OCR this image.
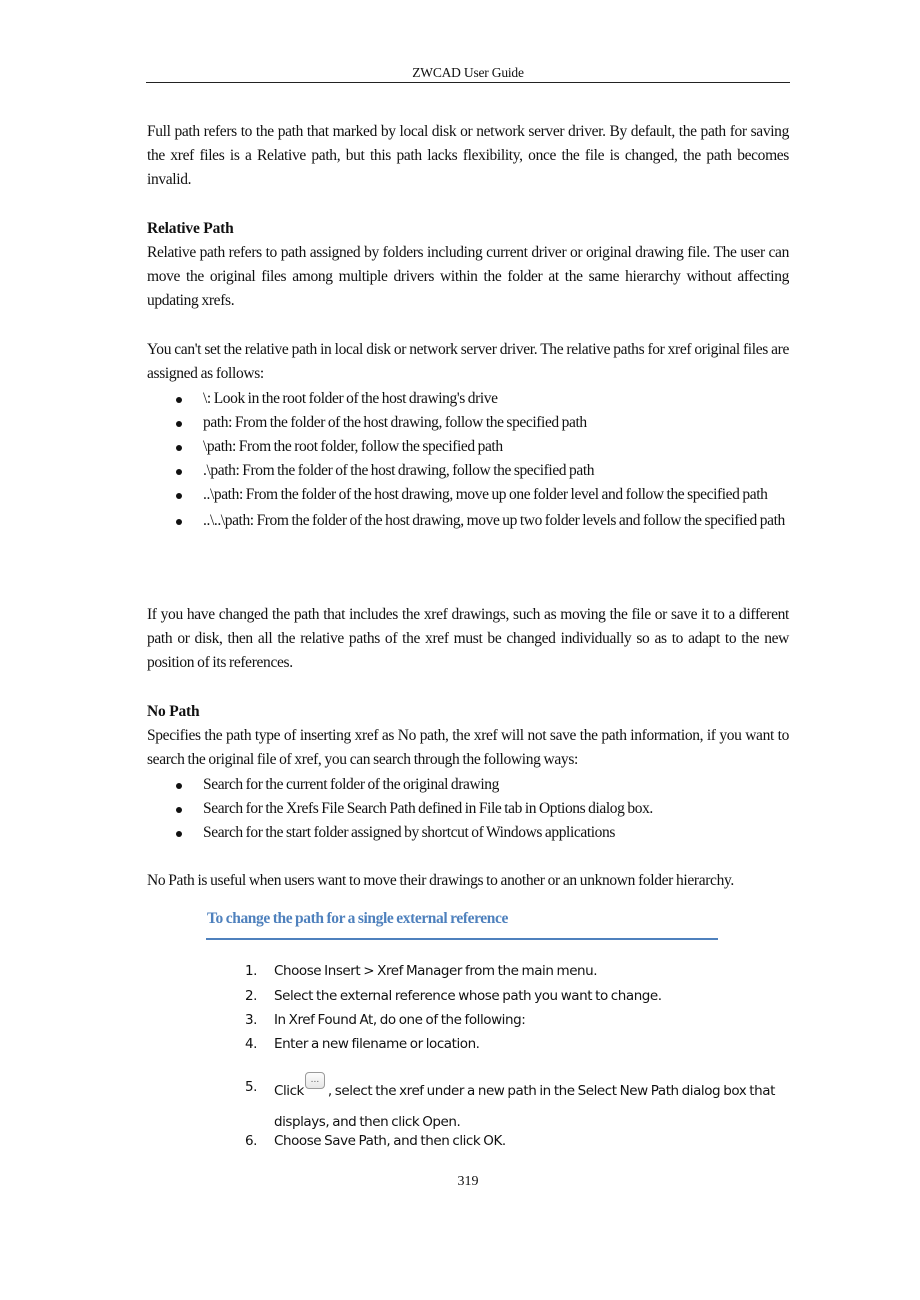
ZWCAD User Guide

Full path refers to the path that marked by local disk or network server driver. By default, the path for saving the xref files is a Relative path, but this path lacks flexibility, once the file is changed, the path becomes invalid.

Relative Path

Relative path refers to path assigned by folders including current driver or original drawing file. The user can move the original files among multiple drivers within the folder at the same hierarchy without affecting updating xrefs.

You can't set the relative path in local disk or network server driver. The relative paths for xref original files are assigned as follows:

\: Look in the root folder of the host drawing's drive
path: From the folder of the host drawing, follow the specified path
\path: From the root folder, follow the specified path
.\path: From the folder of the host drawing, follow the specified path
..\path: From the folder of the host drawing, move up one folder level and follow the specified path
..\..\path: From the folder of the host drawing, move up two folder levels and follow the specified path

If you have changed the path that includes the xref drawings, such as moving the file or save it to a different path or disk, then all the relative paths of the xref must be changed individually so as to adapt to the new position of its references.

No Path

Specifies the path type of inserting xref as No path, the xref will not save the path information, if you want to search the original file of xref, you can search through the following ways:

Search for the current folder of the original drawing
Search for the Xrefs File Search Path defined in File tab in Options dialog box.
Search for the start folder assigned by shortcut of Windows applications

No Path is useful when users want to move their drawings to another or an unknown folder hierarchy.

To change the path for a single external reference
1.	Choose Insert > Xref Manager from the main menu.
2.	Select the external reference whose path you want to change.
3.	In Xref Found At, do one of the following:
4.	Enter a new filename or location.
5.	Click
...
, select the xref under a new path in the Select New Path dialog box that displays, and then click Open.
6.	Choose Save Path, and then click OK.
319
